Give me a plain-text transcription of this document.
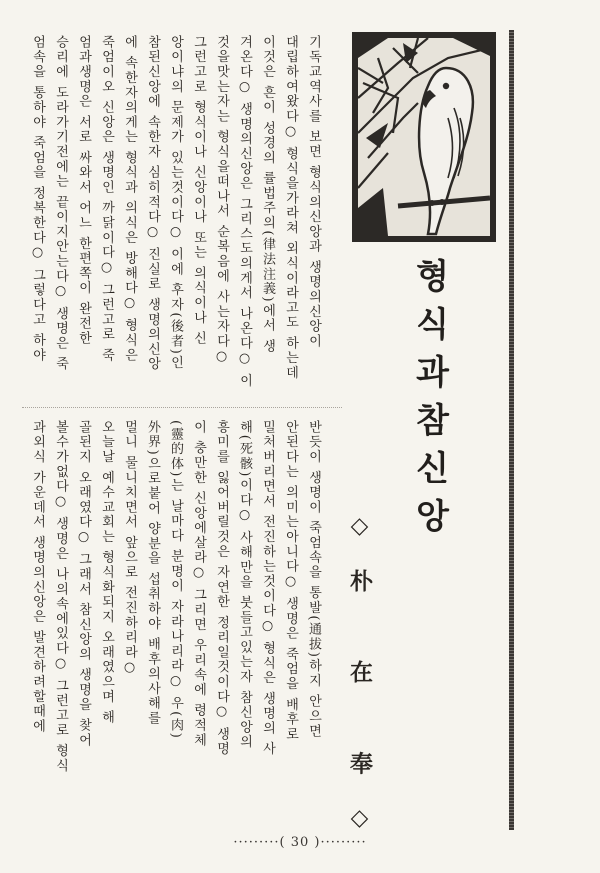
형식과참신앙
◇朴 在 奉◇
기독교역사를 보면 형식의신앙과 생명의신앙이
대립하여왔다○ 형식을가라쳐 외식이라고도 하는데
이것은 흔이 성경의 률법주의(律法注義)에서 생
겨온다○ 생명의신앙은 그리스도의게서 나온다○ 이
것을맛는자는 형식을떠나서 순복음에 사는자다○
그런고로 형식이나 신앙이나 또는 의식이나 신
앙이냐의 문제가 있는것이다○ 이에 후자(後者)인
참된신앙에 속한자 심히적다○ 진실로 생명의신앙
에 속한자의게는 형식과 의식은 방해다○ 형식은
죽엄이오 신앙은 생명인 까닭이다○ 그런고로 죽
엄과생명은 서로 싸와서 어느 한편쪽이 완전한
승리에 도라가기전에는 끝이지안는다○ 생명은 죽
엄속을 통하야 죽엄을 정복한다○ 그렇다고 하야
반듯이 생명이 죽엄속을 통발(通拔)하지 안으면
안된다는 의미는아니다○ 생명은 죽엄을 배후로
밀처버리면서 전진하는것이다○ 형식은 생명의 사
해(死骸)이다○ 사해만을 붓들고있는자 참신앙의
흥미를 잃어버릴것은 자연한 정리일것이다○ 생명
이 충만한 신앙에살라○ 그리면 우리속에 령적체
(靈的体)는 날마다 분명이 자라나리라○ 우(肉)
外界)으로붙어 양분을 섭취하야 배후의사해를
멀니 물니치면서 앞으로 전진하리라○
오늘날 예수교회는 형식화되지 오래였으며 해
골된지 오래였다○ 그래서 참신앙의 생명을 찾어
볼수가없다○ 생명은 나의속에있다○ 그런고로 형식
과외식 가운데서 생명의신앙은 발견하려할때에
·········( 30 )·········
